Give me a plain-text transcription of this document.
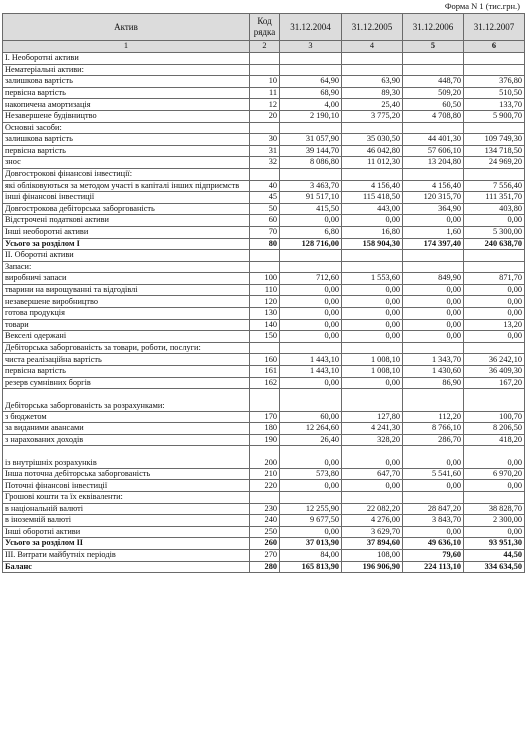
Форма N 1 (тис.грн.)
Актив	Код рядка	31.12.2004	31.12.2005	31.12.2006	31.12.2007
1	2	3	4	5	6
I. Необоротні активи					
Нематеріальні активи:					
залишкова вартість	10	64,90	63,90	448,70	376,80
первісна вартість	11	68,90	89,30	509,20	510,50
накопичена амортизація	12	4,00	25,40	60,50	133,70
Незавершене будівництво	20	2 190,10	3 775,20	4 708,80	5 900,70
Основні засоби:					
залишкова вартість	30	31 057,90	35 030,50	44 401,30	109 749,30
первісна вартість	31	39 144,70	46 042,80	57 606,10	134 718,50
знос	32	8 086,80	11 012,30	13 204,80	24 969,20
Довгострокові фінансові інвестиції:					
які обліковуються за методом участі в капіталі інших підприємств	40	3 463,70	4 156,40	4 156,40	7 556,40
інші фінансові інвестиції	45	91 517,10	115 418,50	120 315,70	111 351,70
Довгострокова дебіторська заборгованість	50	415,50	443,00	364,90	403,80
Відстрочені податкові активи	60	0,00	0,00	0,00	0,00
Інші необоротні активи	70	6,80	16,80	1,60	5 300,00
Усього за розділом I	80	128 716,00	158 904,30	174 397,40	240 638,70
II. Оборотні активи					
Запаси:					
виробничі запаси	100	712,60	1 553,60	849,90	871,70
тварини на вирощуванні та відгодівлі	110	0,00	0,00	0,00	0,00
незавершене виробництво	120	0,00	0,00	0,00	0,00
готова продукція	130	0,00	0,00	0,00	0,00
товари	140	0,00	0,00	0,00	13,20
Векселі одержані	150	0,00	0,00	0,00	0,00
Дебіторська заборгованість за товари, роботи, послуги:					
чиста реалізаційна вартість	160	1 443,10	1 008,10	1 343,70	36 242,10
первісна вартість	161	1 443,10	1 008,10	1 430,60	36 409,30
резерв сумнівних боргів	162	0,00	0,00	86,90	167,20
Дебіторська заборгованість за розрахунками:					
з бюджетом	170	60,00	127,80	112,20	100,70
за виданими авансами	180	12 264,60	4 241,30	8 766,10	8 206,50
з нарахованих доходів	190	26,40	328,20	286,70	418,20
із внутрішніх розрахунків	200	0,00	0,00	0,00	0,00
Інша поточна дебіторська заборгованість	210	573,80	647,70	5 541,60	6 970,20
Поточні фінансові інвестиції	220	0,00	0,00	0,00	0,00
Грошові кошти та їх еквіваленти:					
в національній валюті	230	12 255,90	22 082,20	28 847,20	38 828,70
в іноземній валюті	240	9 677,50	4 276,00	3 843,70	2 300,00
Інші оборотні активи	250	0,00	3 629,70	0,00	0,00
Усього за розділом II	260	37 013,90	37 894,60	49 636,10	93 951,30
III. Витрати майбутніх періодів	270	84,00	108,00	79,60	44,50
Баланс	280	165 813,90	196 906,90	224 113,10	334 634,50
